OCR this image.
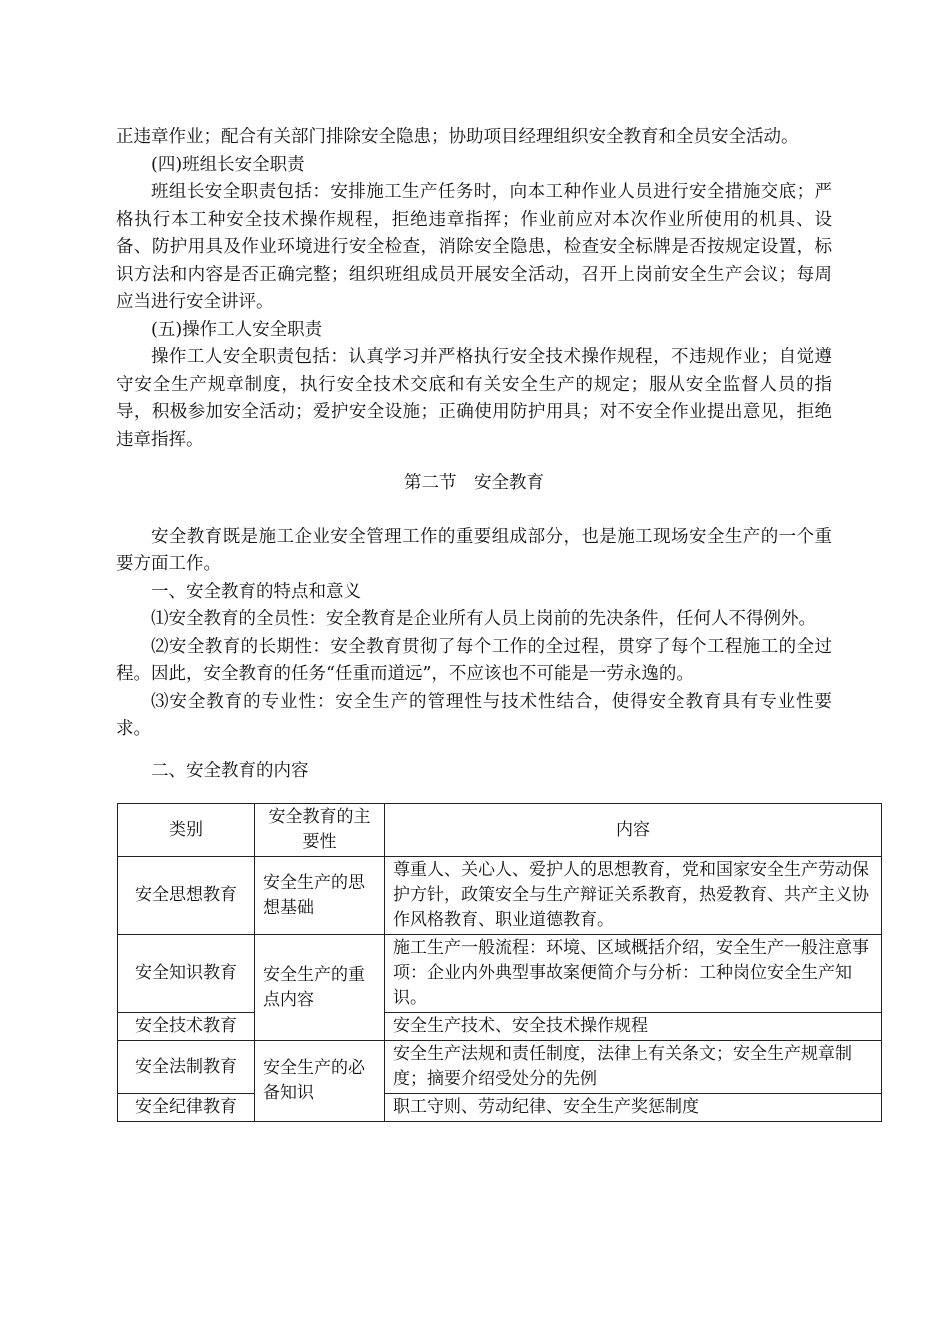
正违章作业；配合有关部门排除安全隐患；协助项目经理组织安全教育和全员安全活动。

(四)班组长安全职责

班组长安全职责包括：安排施工生产任务时，向本工种作业人员进行安全措施交底；严格执行本工种安全技术操作规程，拒绝违章指挥；作业前应对本次作业所使用的机具、设备、防护用具及作业环境进行安全检查，消除安全隐患，检查安全标牌是否按规定设置，标识方法和内容是否正确完整；组织班组成员开展安全活动，召开上岗前安全生产会议；每周应当进行安全讲评。

(五)操作工人安全职责

操作工人安全职责包括：认真学习并严格执行安全技术操作规程，不违规作业；自觉遵守安全生产规章制度，执行安全技术交底和有关安全生产的规定；服从安全监督人员的指导，积极参加安全活动；爱护安全设施；正确使用防护用具；对不安全作业提出意见，拒绝违章指挥。

第二节　安全教育

安全教育既是施工企业安全管理工作的重要组成部分，也是施工现场安全生产的一个重要方面工作。

一、安全教育的特点和意义

⑴安全教育的全员性：安全教育是企业所有人员上岗前的先决条件，任何人不得例外。

⑵安全教育的长期性：安全教育贯彻了每个工作的全过程，贯穿了每个工程施工的全过程。因此，安全教育的任务“任重而道远”，不应该也不可能是一劳永逸的。

⑶安全教育的专业性：安全生产的管理性与技术性结合，使得安全教育具有专业性要求。

二、安全教育的内容

类别	安全教育的主要性	内容
安全思想教育	安全生产的思想基础	尊重人、关心人、爱护人的思想教育，党和国家安全生产劳动保护方针，政策安全与生产辩证关系教育，热爱教育、共产主义协作风格教育、职业道德教育。
安全知识教育	安全生产的重点内容	施工生产一般流程：环境、区域概括介绍，安全生产一般注意事项：企业内外典型事故案便简介与分析：工种岗位安全生产知识。
安全技术教育		安全生产技术、安全技术操作规程
安全法制教育	安全生产的必备知识	安全生产法规和责任制度，法律上有关条文；安全生产规章制度；摘要介绍受处分的先例
安全纪律教育		职工守则、劳动纪律、安全生产奖惩制度
